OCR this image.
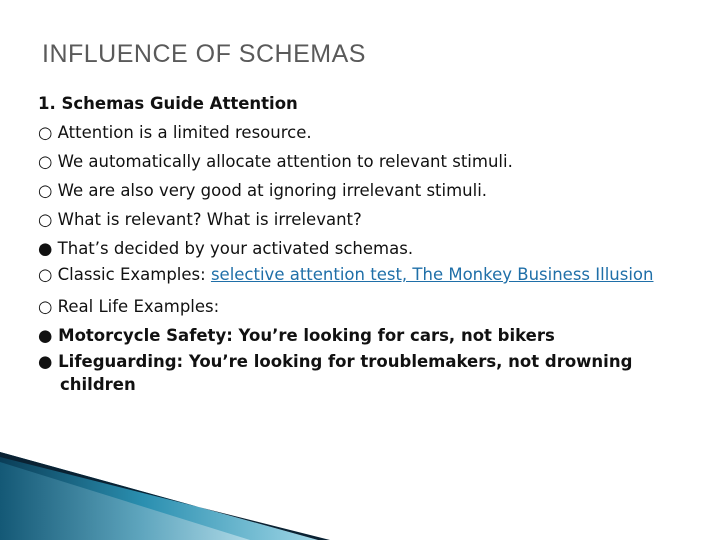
INFLUENCE OF SCHEMAS
1. Schemas Guide Attention
○ Attention is a limited resource.
○ We automatically allocate attention to relevant stimuli.
○ We are also very good at ignoring irrelevant stimuli.
○ What is relevant? What is irrelevant?
● That’s decided by your activated schemas.
○ Classic Examples: selective attention test, The Monkey Business Illusion
○ Real Life Examples:
● Motorcycle Safety: You’re looking for cars, not bikers
● Lifeguarding: You’re looking for troublemakers, not drowning children
